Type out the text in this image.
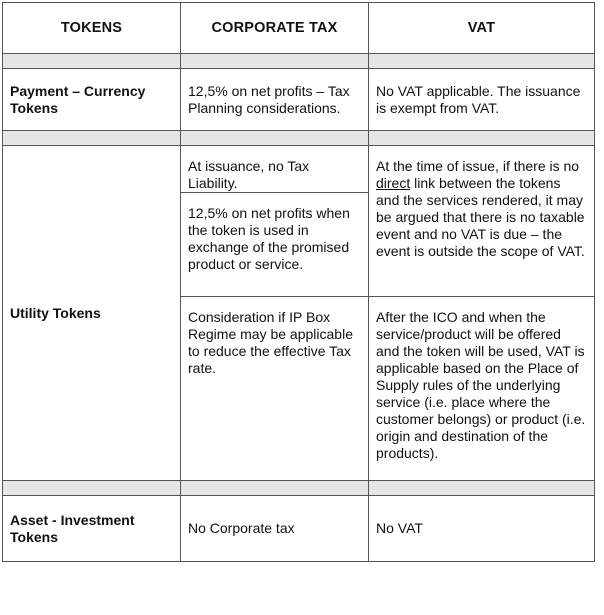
TOKENS	CORPORATE TAX	VAT

Payment – Currency Tokens	12,5% on net profits – Tax Planning considerations.	No VAT applicable. The issuance is exempt from VAT.

Utility Tokens	At issuance, no Tax Liability.	At the time of issue, if there is no direct link between the tokens and the services rendered, it may be argued that there is no taxable event and no VAT is due – the event is outside the scope of VAT.
	12,5% on net profits when the token is used in exchange of the promised product or service.	
	Consideration if IP Box Regime may be applicable to reduce the effective Tax rate.	After the ICO and when the service/product will be offered and the token will be used, VAT is applicable based on the Place of Supply rules of the underlying service (i.e. place where the customer belongs) or product (i.e. origin and destination of the products).

Asset - Investment Tokens	No Corporate tax	No VAT
